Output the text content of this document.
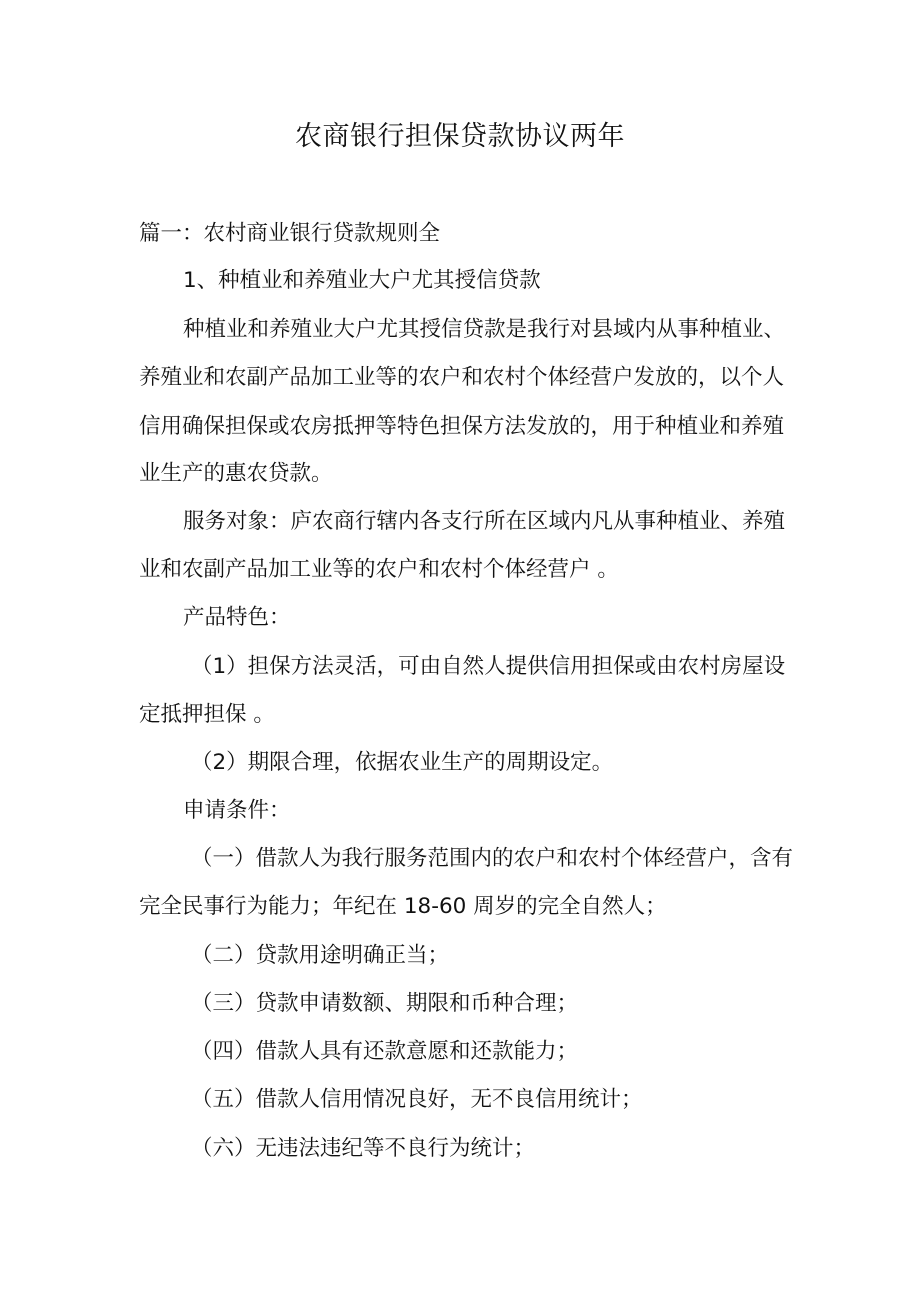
农商银行担保贷款协议两年
篇一：农村商业银行贷款规则全
1、种植业和养殖业大户尤其授信贷款
种植业和养殖业大户尤其授信贷款是我行对县域内从事种植业、
养殖业和农副产品加工业等的农户和农村个体经营户发放的，以个人
信用确保担保或农房抵押等特色担保方法发放的，用于种植业和养殖
业生产的惠农贷款。
服务对象：庐农商行辖内各支行所在区域内凡从事种植业、养殖
业和农副产品加工业等的农户和农村个体经营户 。
产品特色：
（1）担保方法灵活，可由自然人提供信用担保或由农村房屋设
定抵押担保 。
（2）期限合理，依据农业生产的周期设定。
申请条件：
（一）借款人为我行服务范围内的农户和农村个体经营户，含有
完全民事行为能力；年纪在 18-60 周岁的完全自然人；
（二）贷款用途明确正当；
（三）贷款申请数额、期限和币种合理；
（四）借款人具有还款意愿和还款能力；
（五）借款人信用情况良好，无不良信用统计；
（六）无违法违纪等不良行为统计；
